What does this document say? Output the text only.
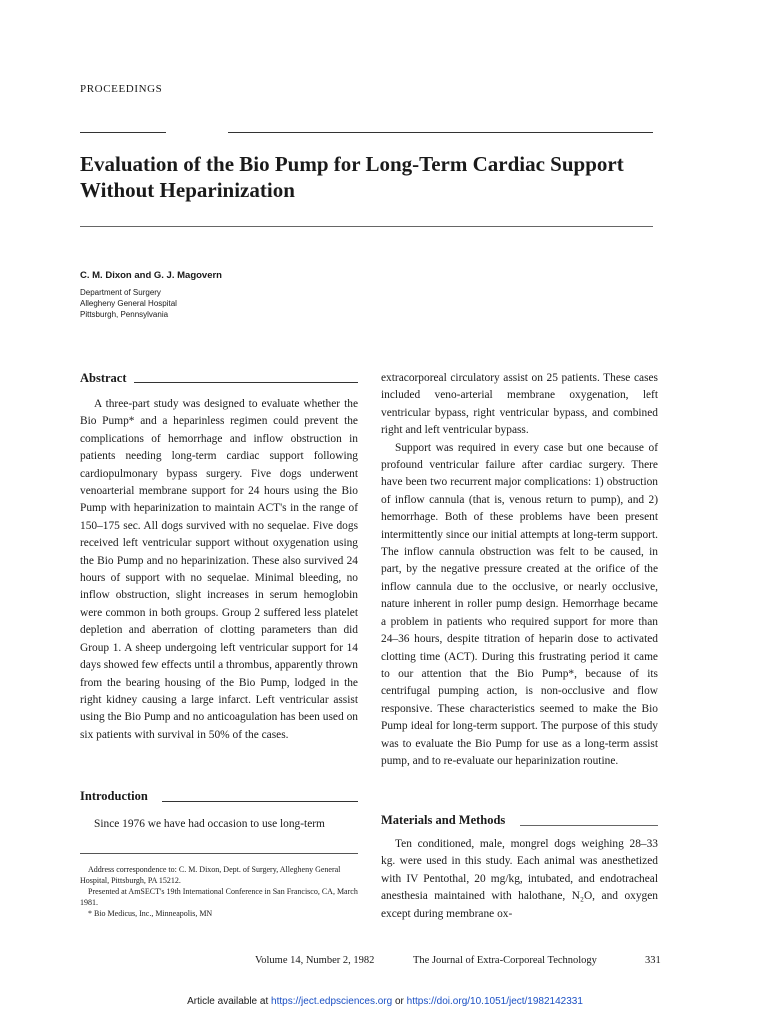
PROCEEDINGS
Evaluation of the Bio Pump for Long-Term Cardiac Support Without Heparinization
C. M. Dixon and G. J. Magovern
Department of Surgery
Allegheny General Hospital
Pittsburgh, Pennsylvania
Abstract

A three-part study was designed to evaluate whether the Bio Pump* and a heparinless regimen could prevent the complications of hemorrhage and inflow obstruction in patients needing long-term cardiac support following cardiopulmonary bypass surgery. Five dogs underwent venoarterial membrane support for 24 hours using the Bio Pump with heparinization to maintain ACT's in the range of 150–175 sec. All dogs survived with no sequelae. Five dogs received left ventricular support without oxygenation using the Bio Pump and no heparinization. These also survived 24 hours of support with no sequelae. Minimal bleeding, no inflow obstruction, slight increases in serum hemoglobin were common in both groups. Group 2 suffered less platelet depletion and aberration of clotting parameters than did Group 1. A sheep undergoing left ventricular support for 14 days showed few effects until a thrombus, apparently thrown from the bearing housing of the Bio Pump, lodged in the right kidney causing a large infarct. Left ventricular assist using the Bio Pump and no anticoagulation has been used on six patients with survival in 50% of the cases.

Introduction

Since 1976 we have had occasion to use long-term

Address correspondence to: C. M. Dixon, Dept. of Surgery, Allegheny General Hospital, Pittsburgh, PA 15212.

Presented at AmSECT's 19th International Conference in San Francisco, CA, March 1981.

* Bio Medicus, Inc., Minneapolis, MN

extracorporeal circulatory assist on 25 patients. These cases included veno-arterial membrane oxygenation, left ventricular bypass, right ventricular bypass, and combined right and left ventricular bypass.

Support was required in every case but one because of profound ventricular failure after cardiac surgery. There have been two recurrent major complications: 1) obstruction of inflow cannula (that is, venous return to pump), and 2) hemorrhage. Both of these problems have been present intermittently since our initial attempts at long-term support. The inflow cannula obstruction was felt to be caused, in part, by the negative pressure created at the orifice of the inflow cannula due to the occlusive, or nearly occlusive, nature inherent in roller pump design. Hemorrhage became a problem in patients who required support for more than 24–36 hours, despite titration of heparin dose to activated clotting time (ACT). During this frustrating period it came to our attention that the Bio Pump*, because of its centrifugal pumping action, is non-occlusive and flow responsive. These characteristics seemed to make the Bio Pump ideal for long-term support. The purpose of this study was to evaluate the Bio Pump for use as a long-term assist pump, and to re-evaluate our heparinization routine.

Materials and Methods

Ten conditioned, male, mongrel dogs weighing 28–33 kg. were used in this study. Each animal was anesthetized with IV Pentothal, 20 mg/kg, intubated, and endotracheal anesthesia maintained with halothane, N₂O, and oxygen except during membrane ox-

Volume 14, Number 2, 1982	The Journal of Extra-Corporeal Technology	331
Article available at https://ject.edpsciences.org or https://doi.org/10.1051/ject/1982142331
